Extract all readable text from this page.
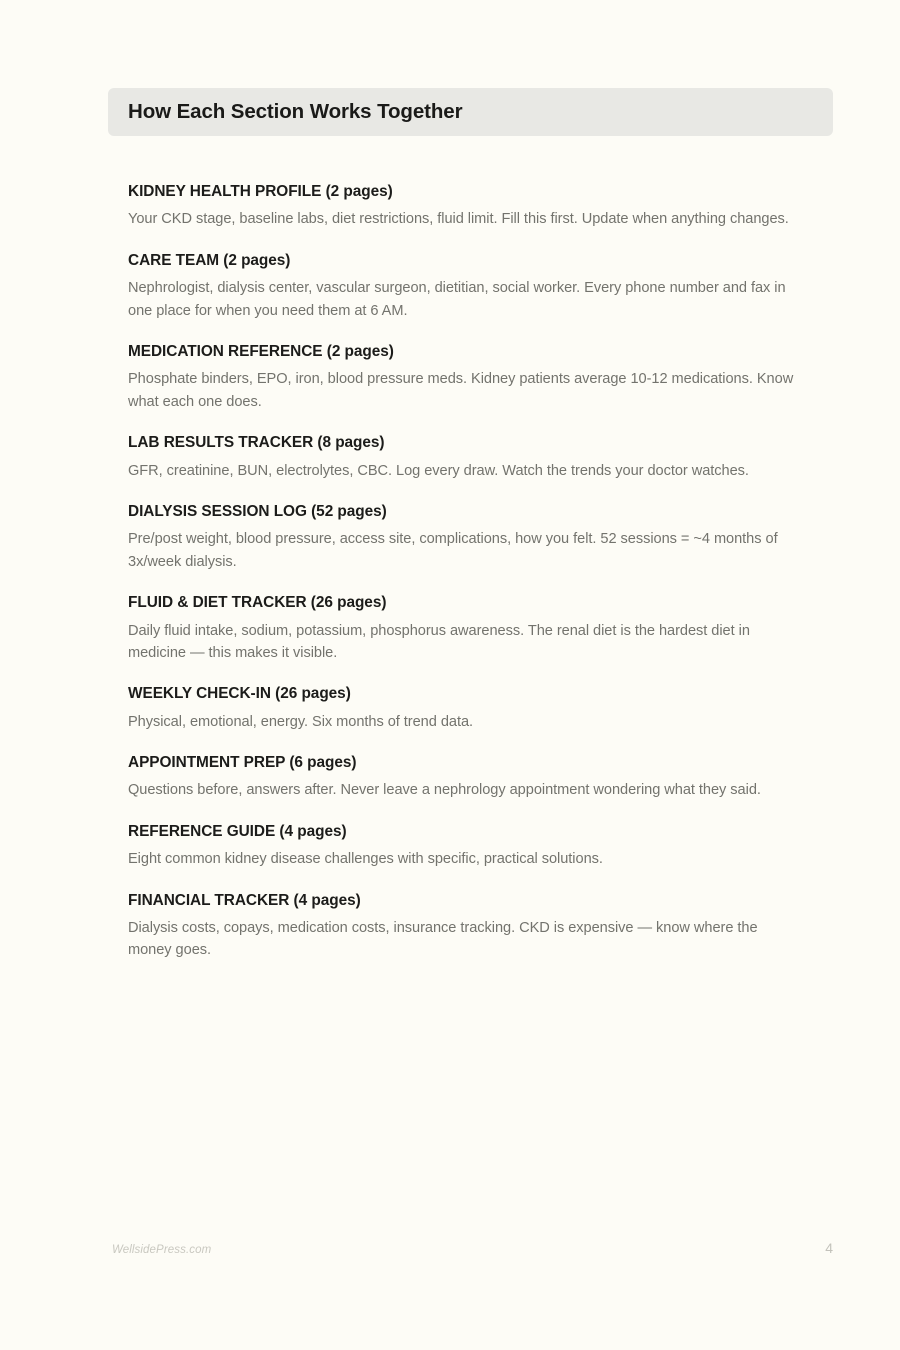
How Each Section Works Together
KIDNEY HEALTH PROFILE (2 pages)

Your CKD stage, baseline labs, diet restrictions, fluid limit. Fill this first. Update when anything changes.

CARE TEAM (2 pages)

Nephrologist, dialysis center, vascular surgeon, dietitian, social worker. Every phone number and fax in one place for when you need them at 6 AM.

MEDICATION REFERENCE (2 pages)

Phosphate binders, EPO, iron, blood pressure meds. Kidney patients average 10-12 medications. Know what each one does.

LAB RESULTS TRACKER (8 pages)

GFR, creatinine, BUN, electrolytes, CBC. Log every draw. Watch the trends your doctor watches.

DIALYSIS SESSION LOG (52 pages)

Pre/post weight, blood pressure, access site, complications, how you felt. 52 sessions = ~4 months of 3x/week dialysis.

FLUID & DIET TRACKER (26 pages)

Daily fluid intake, sodium, potassium, phosphorus awareness. The renal diet is the hardest diet in medicine — this makes it visible.

WEEKLY CHECK-IN (26 pages)

Physical, emotional, energy. Six months of trend data.

APPOINTMENT PREP (6 pages)

Questions before, answers after. Never leave a nephrology appointment wondering what they said.

REFERENCE GUIDE (4 pages)

Eight common kidney disease challenges with specific, practical solutions.

FINANCIAL TRACKER (4 pages)

Dialysis costs, copays, medication costs, insurance tracking. CKD is expensive — know where the money goes.

WellsidePress.com	4
